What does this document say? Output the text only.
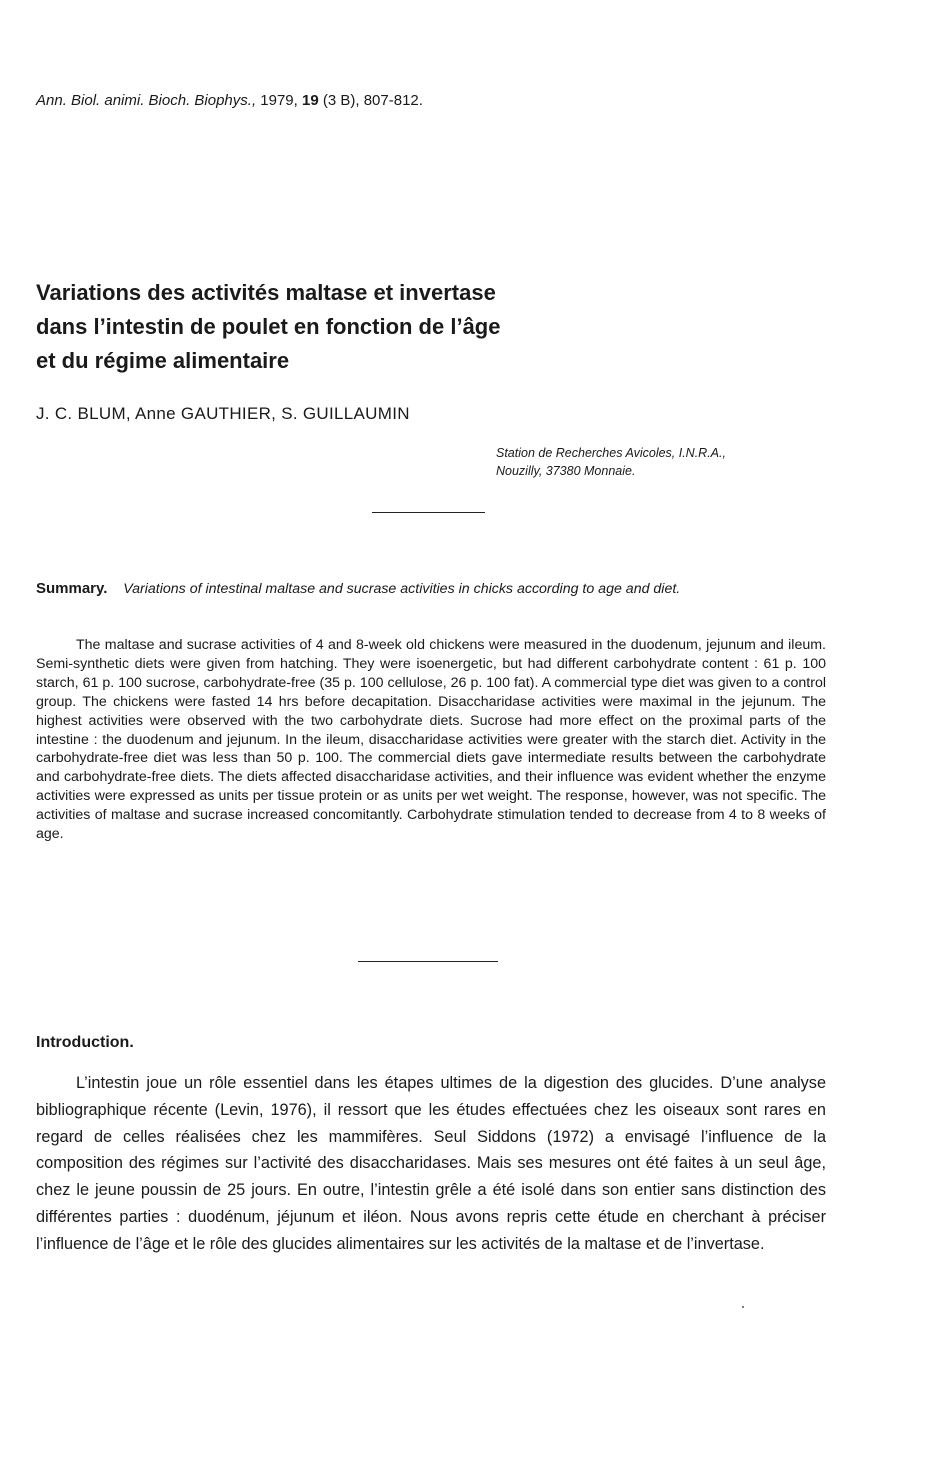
Ann. Biol. animi. Bioch. Biophys., 1979, 19 (3 B), 807-812.
Variations des activités maltase et invertase
dans l’intestin de poulet en fonction de l’âge
et du régime alimentaire
J. C. BLUM, Anne GAUTHIER, S. GUILLAUMIN
Station de Recherches Avicoles, I.N.R.A.,
Nouzilly, 37380 Monnaie.

Summary. Variations of intestinal maltase and sucrase activities in chicks according to age and diet.

The maltase and sucrase activities of 4 and 8-week old chickens were measured in the duodenum, jejunum and ileum. Semi-synthetic diets were given from hatching. They were isoenergetic, but had different carbohydrate content : 61 p. 100 starch, 61 p. 100 sucrose, carbohydrate-free (35 p. 100 cellulose, 26 p. 100 fat). A commercial type diet was given to a control group. The chickens were fasted 14 hrs before decapitation. Disaccharidase activities were maximal in the jejunum. The highest activities were observed with the two carbohydrate diets. Sucrose had more effect on the proximal parts of the intestine : the duodenum and jejunum. In the ileum, disaccharidase activities were greater with the starch diet. Activity in the carbohydrate-free diet was less than 50 p. 100. The commercial diets gave intermediate results between the carbohydrate and carbohydrate-free diets. The diets affected disaccharidase activities, and their influence was evident whether the enzyme activities were expressed as units per tissue protein or as units per wet weight. The response, however, was not specific. The activities of maltase and sucrase increased concomitantly. Carbohydrate stimulation tended to decrease from 4 to 8 weeks of age.

Introduction.

L’intestin joue un rôle essentiel dans les étapes ultimes de la digestion des glucides. D’une analyse bibliographique récente (Levin, 1976), il ressort que les études effectuées chez les oiseaux sont rares en regard de celles réalisées chez les mammifères. Seul Siddons (1972) a envisagé l’influence de la composition des régimes sur l’activité des disaccharidases. Mais ses mesures ont été faites à un seul âge, chez le jeune poussin de 25 jours. En outre, l’intestin grêle a été isolé dans son entier sans distinction des différentes parties : duodénum, jéjunum et iléon. Nous avons repris cette étude en cherchant à préciser l’influence de l’âge et le rôle des glucides alimentaires sur les activités de la maltase et de l’invertase.
